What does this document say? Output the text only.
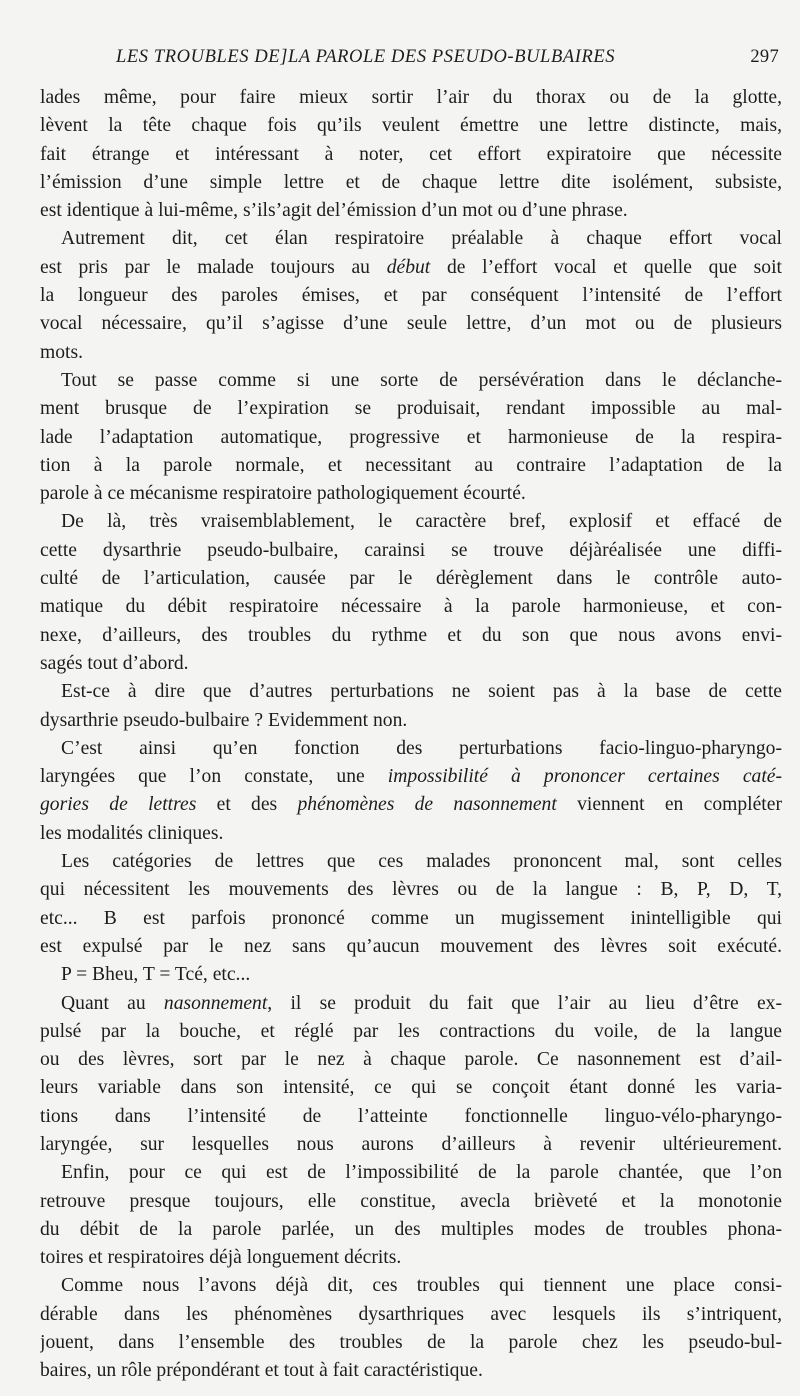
LES TROUBLES DE]LA PAROLE DES PSEUDO-BULBAIRES	297
lades même, pour faire mieux sortir l’air du thorax ou de la glotte,
lèvent la tête chaque fois qu’ils veulent émettre une lettre distincte, mais,
fait étrange et intéressant à noter, cet effort expiratoire que nécessite
l’émission d’une simple lettre et de chaque lettre dite isolément, subsiste,
est identique à lui-même, s’ils’agit del’émission d’un mot ou d’une phrase.
Autrement dit, cet élan respiratoire préalable à chaque effort vocal
est pris par le malade toujours au début de l’effort vocal et quelle que soit
la longueur des paroles émises, et par conséquent l’intensité de l’effort
vocal nécessaire, qu’il s’agisse d’une seule lettre, d’un mot ou de plusieurs
mots.
Tout se passe comme si une sorte de persévération dans le déclanche-
ment brusque de l’expiration se produisait, rendant impossible au mal-
lade l’adaptation automatique, progressive et harmonieuse de la respira-
tion à la parole normale, et necessitant au contraire l’adaptation de la
parole à ce mécanisme respiratoire pathologiquement écourté.
De là, très vraisemblablement, le caractère bref, explosif et effacé de
cette dysarthrie pseudo-bulbaire, carainsi se trouve déjàréalisée une diffi-
culté de l’articulation, causée par le dérèglement dans le contrôle auto-
matique du débit respiratoire nécessaire à la parole harmonieuse, et con-
nexe, d’ailleurs, des troubles du rythme et du son que nous avons envi-
sagés tout d’abord.
Est-ce à dire que d’autres perturbations ne soient pas à la base de cette
dysarthrie pseudo-bulbaire ? Evidemment non.
C’est ainsi qu’en fonction des perturbations facio-linguo-pharyngo-
laryngées que l’on constate, une impossibilité à prononcer certaines caté-
gories de lettres et des phénomènes de nasonnement viennent en compléter
les modalités cliniques.
Les catégories de lettres que ces malades prononcent mal, sont celles
qui nécessitent les mouvements des lèvres ou de la langue : B, P, D, T,
etc... B est parfois prononcé comme un mugissement inintelligible qui
est expulsé par le nez sans qu’aucun mouvement des lèvres soit exécuté.
P = Bheu, T = Tcé, etc...
Quant au nasonnement, il se produit du fait que l’air au lieu d’être ex-
pulsé par la bouche, et réglé par les contractions du voile, de la langue
ou des lèvres, sort par le nez à chaque parole. Ce nasonnement est d’ail-
leurs variable dans son intensité, ce qui se conçoit étant donné les varia-
tions dans l’intensité de l’atteinte fonctionnelle linguo-vélo-pharyngo-
laryngée, sur lesquelles nous aurons d’ailleurs à revenir ultérieurement.
Enfin, pour ce qui est de l’impossibilité de la parole chantée, que l’on
retrouve presque toujours, elle constitue, avecla brièveté et la monotonie
du débit de la parole parlée, un des multiples modes de troubles phona-
toires et respiratoires déjà longuement décrits.
Comme nous l’avons déjà dit, ces troubles qui tiennent une place consi-
dérable dans les phénomènes dysarthriques avec lesquels ils s’intriquent,
jouent, dans l’ensemble des troubles de la parole chez les pseudo-bul-
baires, un rôle prépondérant et tout à fait caractéristique.
